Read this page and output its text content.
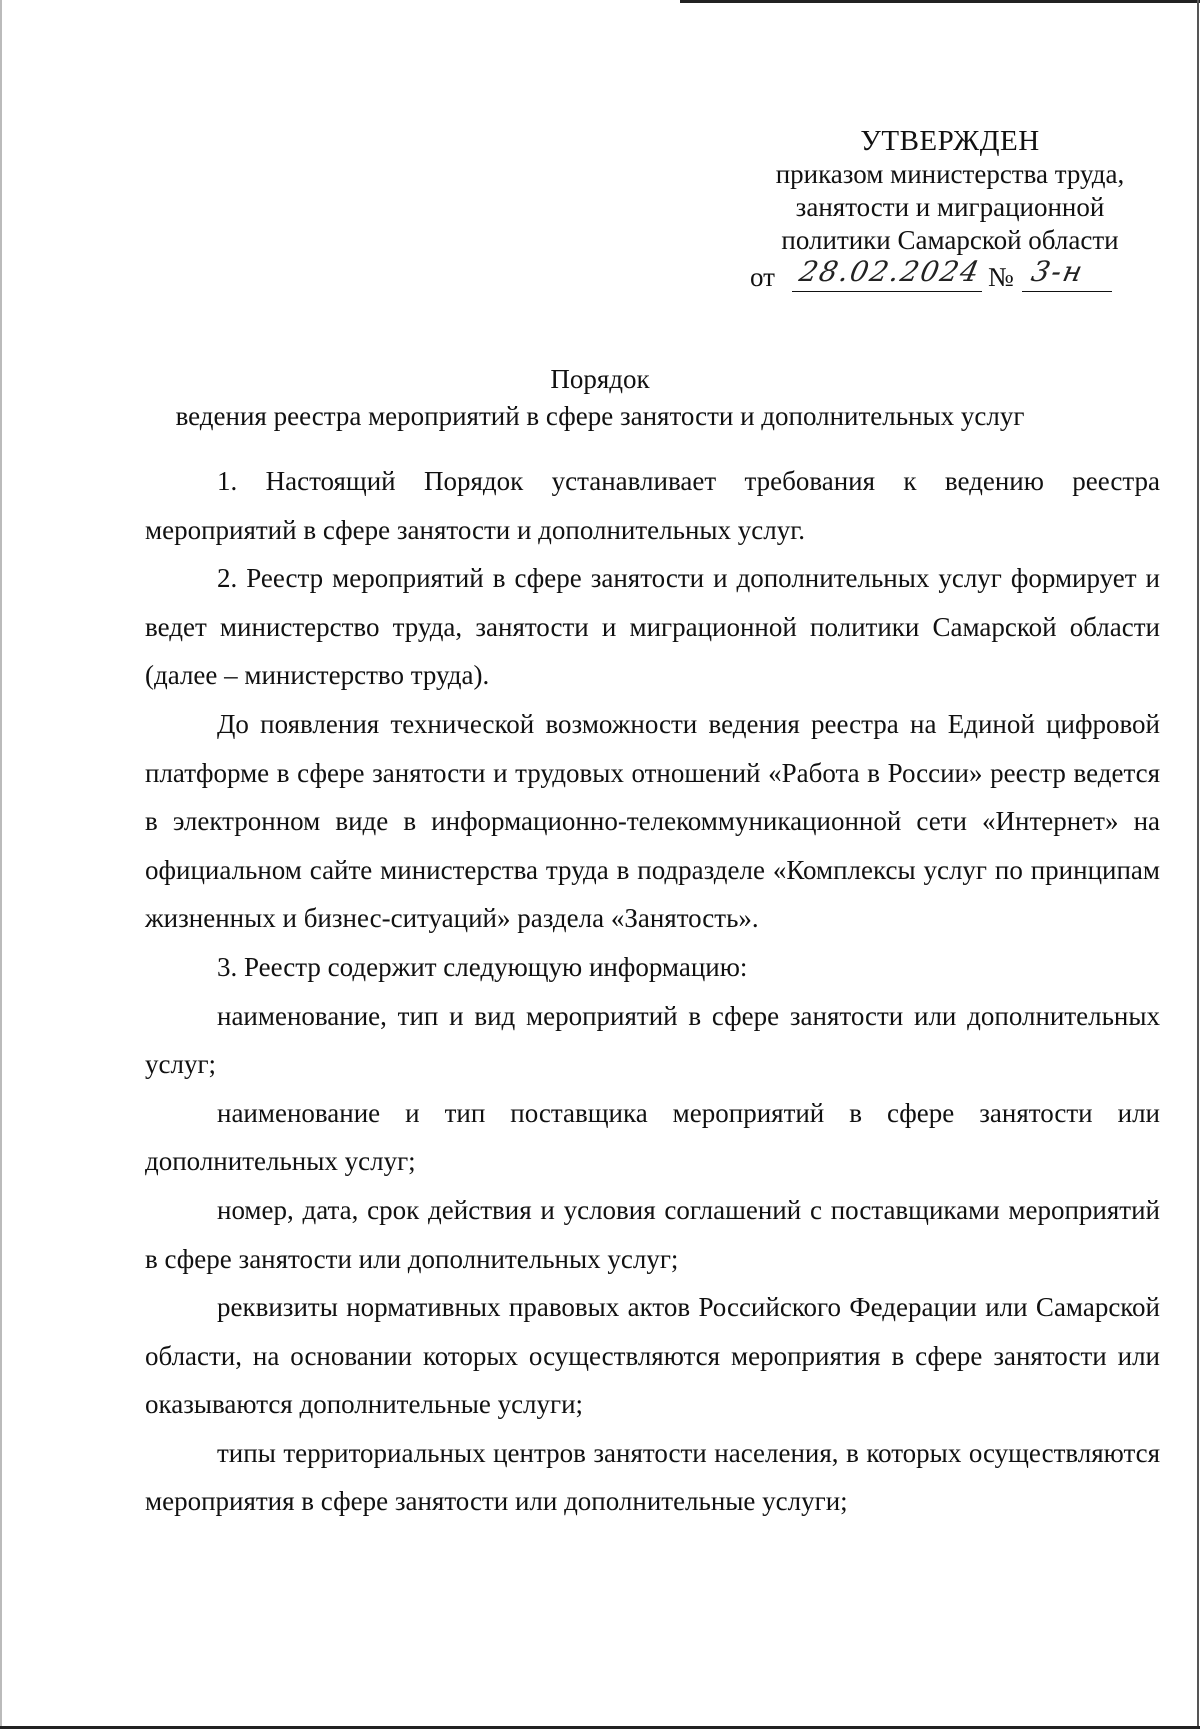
УТВЕРЖДЕН
приказом министерства труда,
занятости и миграционной
политики Самарской области
от 28.02.2024 № 3-н
Порядок
ведения реестра мероприятий в сфере занятости и дополнительных услуг

1. Настоящий Порядок устанавливает требования к ведению реестра мероприятий в сфере занятости и дополнительных услуг.

2. Реестр мероприятий в сфере занятости и дополнительных услуг формирует и ведет министерство труда, занятости и миграционной политики Самарской области (далее – министерство труда).

До появления технической возможности ведения реестра на Единой цифровой платформе в сфере занятости и трудовых отношений «Работа в России» реестр ведется в электронном виде в информационно-телекоммуникационной сети «Интернет» на официальном сайте министерства труда в подразделе «Комплексы услуг по принципам жизненных и бизнес-ситуаций» раздела «Занятость».

3. Реестр содержит следующую информацию:

наименование, тип и вид мероприятий в сфере занятости или дополнительных услуг;

наименование и тип поставщика мероприятий в сфере занятости или дополнительных услуг;

номер, дата, срок действия и условия соглашений с поставщиками мероприятий в сфере занятости или дополнительных услуг;

реквизиты нормативных правовых актов Российского Федерации или Самарской области, на основании которых осуществляются мероприятия в сфере занятости или оказываются дополнительные услуги;

типы территориальных центров занятости населения, в которых осуществляются мероприятия в сфере занятости или дополнительные услуги;
